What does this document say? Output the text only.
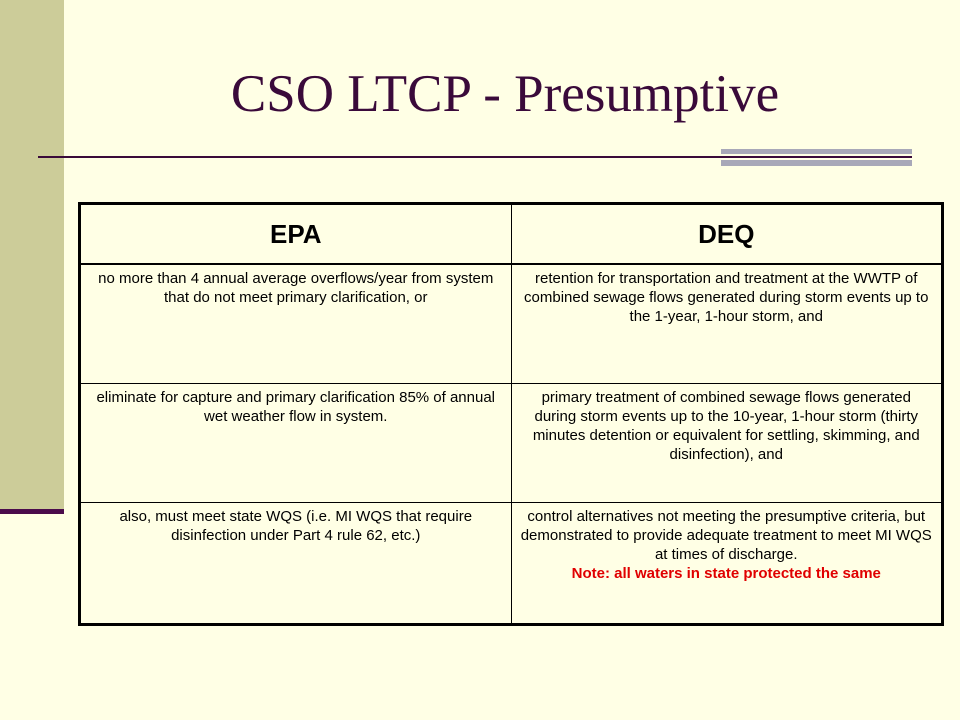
CSO LTCP - Presumptive
EPA	DEQ
no more than 4 annual average overflows/year from system that do not meet primary clarification, or	retention for transportation and treatment at the WWTP of combined sewage flows generated during storm events up to the 1-year, 1-hour storm, and
eliminate for capture and primary clarification 85% of annual wet weather flow in system.	primary treatment of combined sewage flows generated during storm events up to the 10-year, 1-hour storm (thirty minutes detention or equivalent for settling, skimming, and disinfection), and
also, must meet state WQS (i.e. MI WQS that require disinfection under Part 4 rule 62, etc.)	control alternatives not meeting the presumptive criteria, but demonstrated to provide adequate treatment to meet MI WQS at times of discharge.
Note: all waters in state protected the same
